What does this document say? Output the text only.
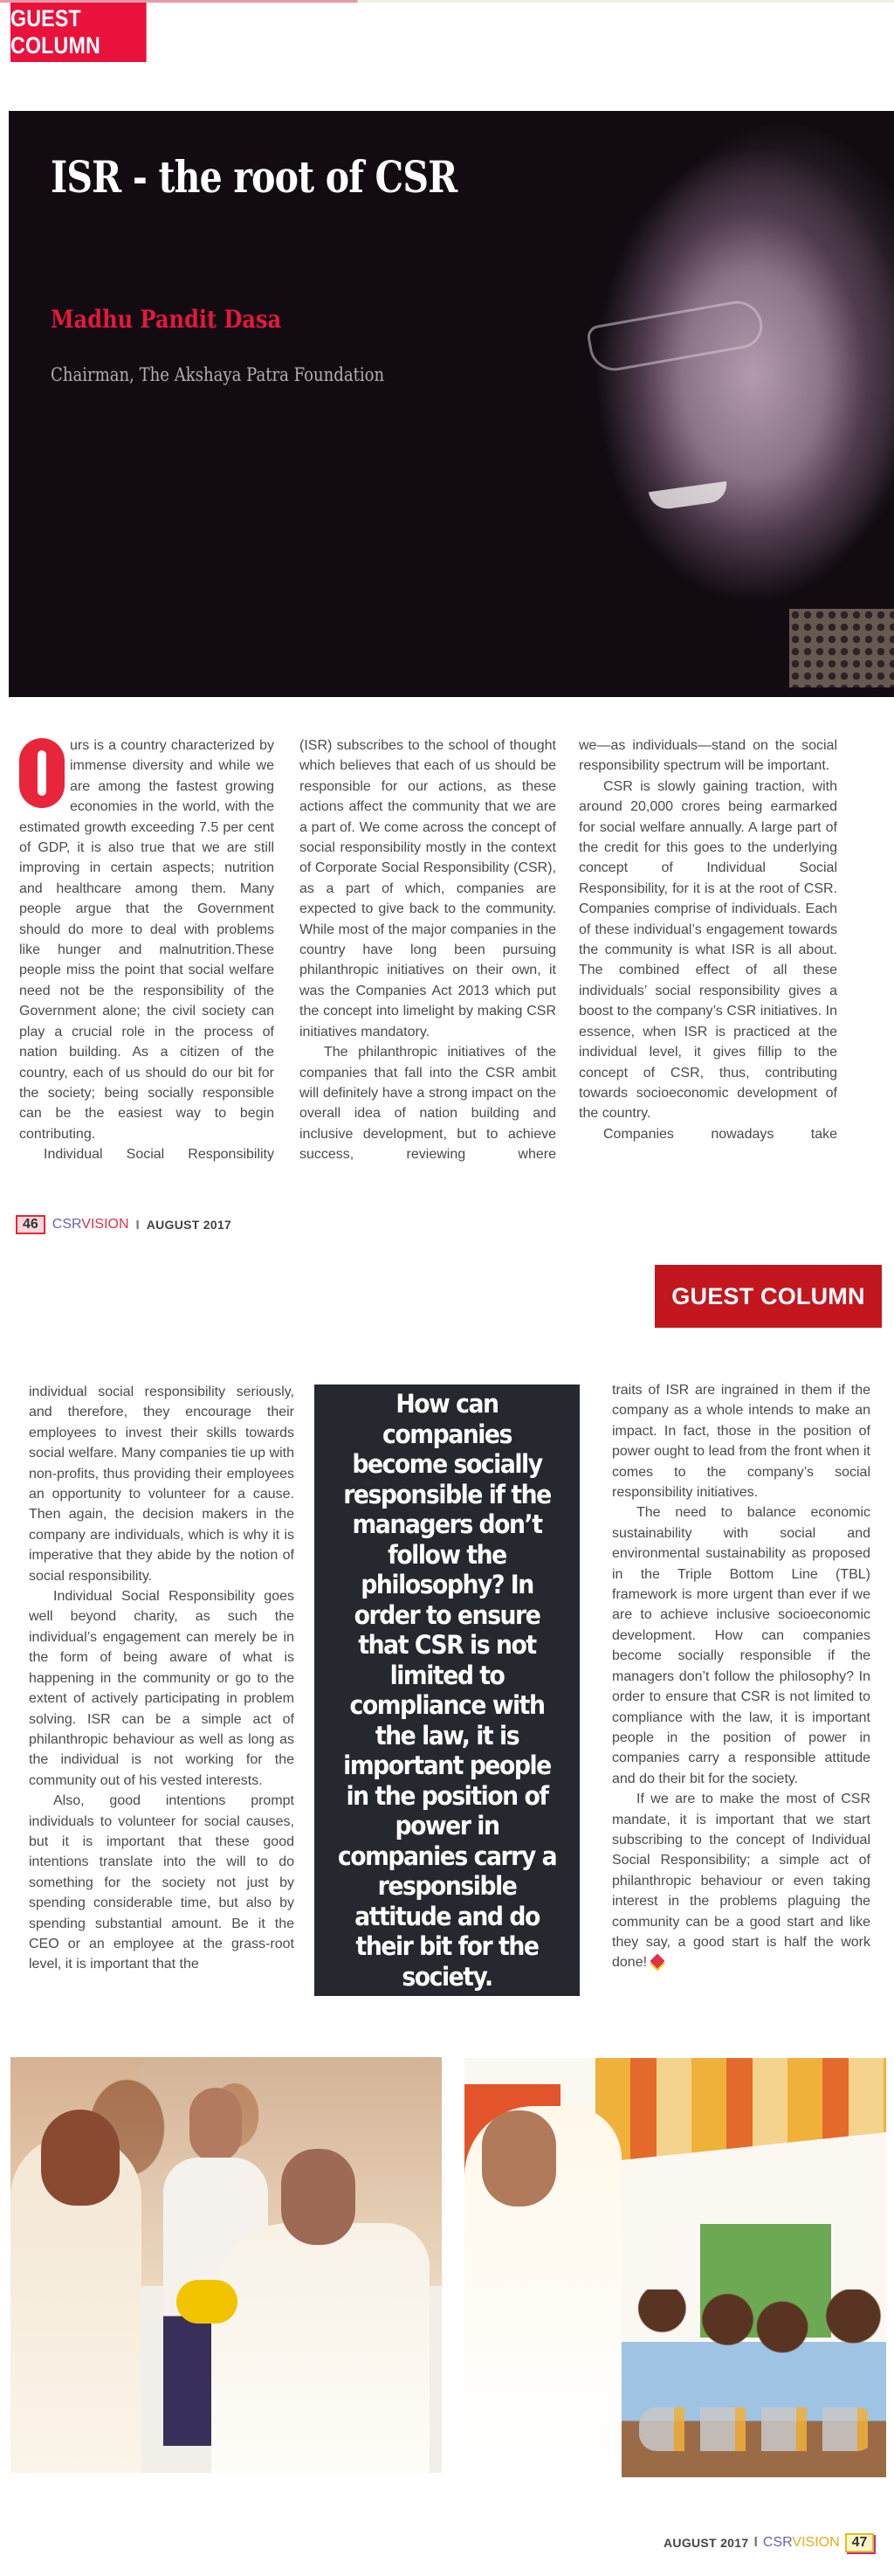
GUEST COLUMN
ISR - the root of CSR
Madhu Pandit Dasa
Chairman, The Akshaya Patra Foundation

urs is a country characterized by immense diversity and while we are among the fastest growing economies in the world, with the estimated growth exceeding 7.5 per cent of GDP, it is also true that we are still improving in certain aspects; nutrition and healthcare among them. Many people argue that the Government should do more to deal with problems like hunger and malnutrition.These people miss the point that social welfare need not be the responsibility of the Government alone; the civil society can play a crucial role in the process of nation building. As a citizen of the country, each of us should do our bit for the society; being socially responsible can be the easiest way to begin contributing.

Individual Social Responsibility

(ISR) subscribes to the school of thought which believes that each of us should be responsible for our actions, as these actions affect the community that we are a part of. We come across the concept of social responsibility mostly in the context of Corporate Social Responsibility (CSR), as a part of which, companies are expected to give back to the community. While most of the major companies in the country have long been pursuing philanthropic initiatives on their own, it was the Companies Act 2013 which put the concept into limelight by making CSR initiatives mandatory.

The philanthropic initiatives of the companies that fall into the CSR ambit will definitely have a strong impact on the overall idea of nation building and inclusive development, but to achieve success, reviewing where

we—as individuals—stand on the social responsibility spectrum will be important.

CSR is slowly gaining traction, with around 20,000 crores being earmarked for social welfare annually. A large part of the credit for this goes to the underlying concept of Individual Social Responsibility, for it is at the root of CSR. Companies comprise of individuals. Each of these individual’s engagement towards the community is what ISR is all about. The combined effect of all these individuals’ social responsibility gives a boost to the company’s CSR initiatives. In essence, when ISR is practiced at the individual level, it gives fillip to the concept of CSR, thus, contributing towards socioeconomic development of the country.

Companies nowadays take

46	CSRVISION I AUGUST 2017
GUEST COLUMN

individual social responsibility seriously, and therefore, they encourage their employees to invest their skills towards social welfare. Many companies tie up with non-profits, thus providing their employees an opportunity to volunteer for a cause. Then again, the decision makers in the company are individuals, which is why it is imperative that they abide by the notion of social responsibility.

Individual Social Responsibility goes well beyond charity, as such the individual’s engagement can merely be in the form of being aware of what is happening in the community or go to the extent of actively participating in problem solving. ISR can be a simple act of philanthropic behaviour as well as long as the individual is not working for the community out of his vested interests.

Also, good intentions prompt individuals to volunteer for social causes, but it is important that these good intentions translate into the will to do something for the society not just by spending considerable time, but also by spending substantial amount. Be it the CEO or an employee at the grass-root level, it is important that the

How can companies become socially responsible if the managers don’t follow the philosophy? In order to ensure that CSR is not limited to compliance with the law, it is important people in the position of power in companies carry a responsible attitude and do their bit for the society.

traits of ISR are ingrained in them if the company as a whole intends to make an impact. In fact, those in the position of power ought to lead from the front when it comes to the company’s social responsibility initiatives.

The need to balance economic sustainability with social and environmental sustainability as proposed in the Triple Bottom Line (TBL) framework is more urgent than ever if we are to achieve inclusive socioeconomic development. How can companies become socially responsible if the managers don’t follow the philosophy? In order to ensure that CSR is not limited to compliance with the law, it is important people in the position of power in companies carry a responsible attitude and do their bit for the society.

If we are to make the most of CSR mandate, it is important that we start subscribing to the concept of Individual Social Responsibility; a simple act of philanthropic behaviour or even taking interest in the problems plaguing the community can be a good start and like they say, a good start is half the work done!

AUGUST 2017 I CSRVISION 47
